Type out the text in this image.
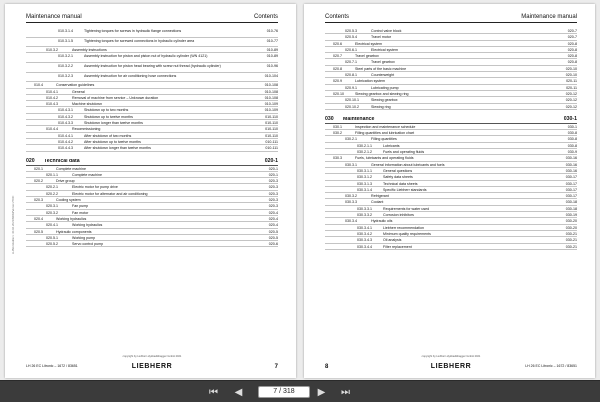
Maintenance manual	Contents
010.3.1.4	Tightening torques for screws in hydraulic flange connections	010-76
010.3.1.5	Tightening torques for screwed connections in hydraulic cylinder area	010-77
010.3.2	Assembly instructions	010-89
010.3.2.1	Assembly instruction for piston and piston nut of hydraulic cylinder (WN 4121)	010-89
010.3.2.2	Assembly instruction for piston head bearing with screw nut thread (hydraulic cylinder)	010-96
010.3.2.3	Assembly instruction for air conditioning hose connections	010-104
010.4	Conservation guidelines	010-108
010.4.1	General	010-108
010.4.2	Removal of machine from service – Unknown duration	010-108
010.4.3	Machine shutdown	010-109
010.4.3.1	Shutdown up to two months	010-109
010.4.3.2	Shutdown up to twelve months	010-110
010.4.3.3	Shutdown longer than twelve months	010-110
010.4.4	Recommissioning	010-110
010.4.4.1	After shutdown of two months	010-110
010.4.4.2	After shutdown up to twelve months	010-111
010.4.4.3	After shutdown longer than twelve months	010-111
020 Technical data	020-1
020.1	Complete machine	020-1
020.1.1	Complete machine	020-1
020.2	Drive group	020-3
020.2.1	Electric motor for pump drive	020-3
020.2.2	Electric motor for alternator and air conditioning	020-3
020.3	Cooling system	020-3
020.3.1	Fan pump	020-3
020.3.2	Fan motor	020-4
020.4	Working hydraulics	020-4
020.4.1	Working hydraulics	020-4
020.5	Hydraulic components	020-5
020.5.1	Working pump	020-5
020.5.2	Servo control pump	020-6
LHB/en/Edition: 30.06.2021/MDM/Version/TOC
LH 26 EC Litronic – 1672 / 83651
copyright by Liebherr-Hydraulikbagger GmbH 2021
LIEBHERR	7
Contents	Maintenance manual
020.5.3	Control valve block	020-7
020.5.4	Travel motor	020-7
020.6	Electrical system	020-8
020.6.1	Electrical system	020-8
020.7	Travel gearbox	020-8
020.7.1	Travel gearbox	020-8
020.8	Steel parts of the basic machine	020-10
020.8.1	Counterweight	020-10
020.9	Lubrication system	020-11
020.9.1	Lubricating pump	020-11
020.10	Slewing gearbox and slewing ring	020-12
020.10.1	Slewing gearbox	020-12
020.10.2	Slewing ring	020-12
030 Maintenance	030-1
030.1	Inspection and maintenance schedule	030-1
030.2	Filling quantities and lubrication chart	030-8
030.2.1	Filling quantities	030-8
030.2.1.1	Lubricants	030-8
030.2.1.2	Fuels and operating fluids	030-9
030.3	Fuels, lubricants and operating fluids	030-16
030.3.1	General information about lubricants and fuels	030-16
030.3.1.1	General questions	030-16
030.3.1.2	Safety data sheets	030-17
030.3.1.3	Technical data sheets	030-17
030.3.1.4	Specific Liebherr standards	030-17
030.3.2	Refrigerant	030-17
030.3.3	Coolant	030-18
030.3.3.1	Requirements for water used	030-18
030.3.3.2	Corrosion inhibitors	030-19
030.3.4	Hydraulic oils	030-20
030.3.4.1	Liebherr recommendation	030-20
030.3.4.2	Minimum quality requirements	030-21
030.3.4.3	Oil analysis	030-21
030.3.4.4	Filter replacement	030-21
8
copyright by Liebherr-Hydraulikbagger GmbH 2021
LIEBHERR	LH 26 EC Litronic – 1672 / 83651
⏮ ◀	7 / 318	▶ ⏭
